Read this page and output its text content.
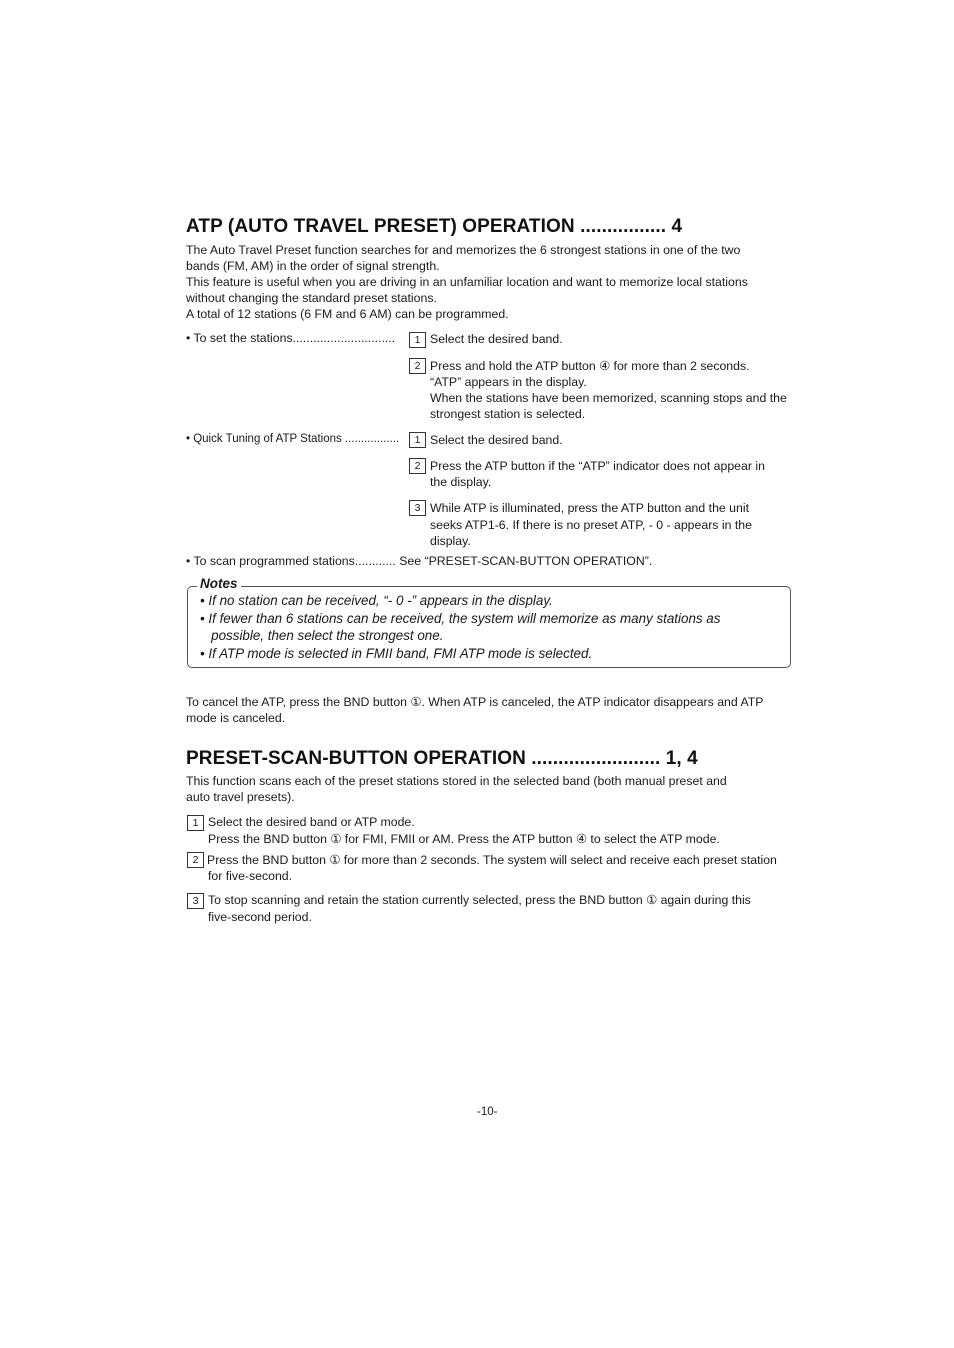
ATP (AUTO TRAVEL PRESET) OPERATION ................ 4
The Auto Travel Preset function searches for and memorizes the 6 strongest stations in one of the two
bands (FM, AM) in the order of signal strength.
This feature is useful when you are driving in an unfamiliar location and want to memorize local stations
without changing the standard preset stations.
A total of 12 stations (6 FM and 6 AM) can be programmed.
• To set the stations..............................	1 Select the desired band.
2 Press and hold the ATP button ④ for more than 2 seconds.
“ATP” appears in the display.
When the stations have been memorized, scanning stops and the
strongest station is selected.
• Quick Tuning of ATP Stations .................	1 Select the desired band.
2 Press the ATP button if the “ATP” indicator does not appear in
the display.
3 While ATP is illuminated, press the ATP button and the unit
seeks ATP1-6. If there is no preset ATP, - 0 - appears in the
display.
• To scan programmed stations............ See “PRESET-SCAN-BUTTON OPERATION”.
Notes
• If no station can be received, “- 0 -” appears in the display.
• If fewer than 6 stations can be received, the system will memorize as many stations as
possible, then select the strongest one.
• If ATP mode is selected in FMII band, FMI ATP mode is selected.
To cancel the ATP, press the BND button ①. When ATP is canceled, the ATP indicator disappears and ATP
mode is canceled.
PRESET-SCAN-BUTTON OPERATION ........................ 1, 4
This function scans each of the preset stations stored in the selected band (both manual preset and
auto travel presets).
1 Select the desired band or ATP mode.
Press the BND button ① for FMI, FMII or AM. Press the ATP button ④ to select the ATP mode.
2 Press the BND button ① for more than 2 seconds. The system will select and receive each preset station
for five-second.
3 To stop scanning and retain the station currently selected, press the BND button ① again during this
five-second period.
-10-
